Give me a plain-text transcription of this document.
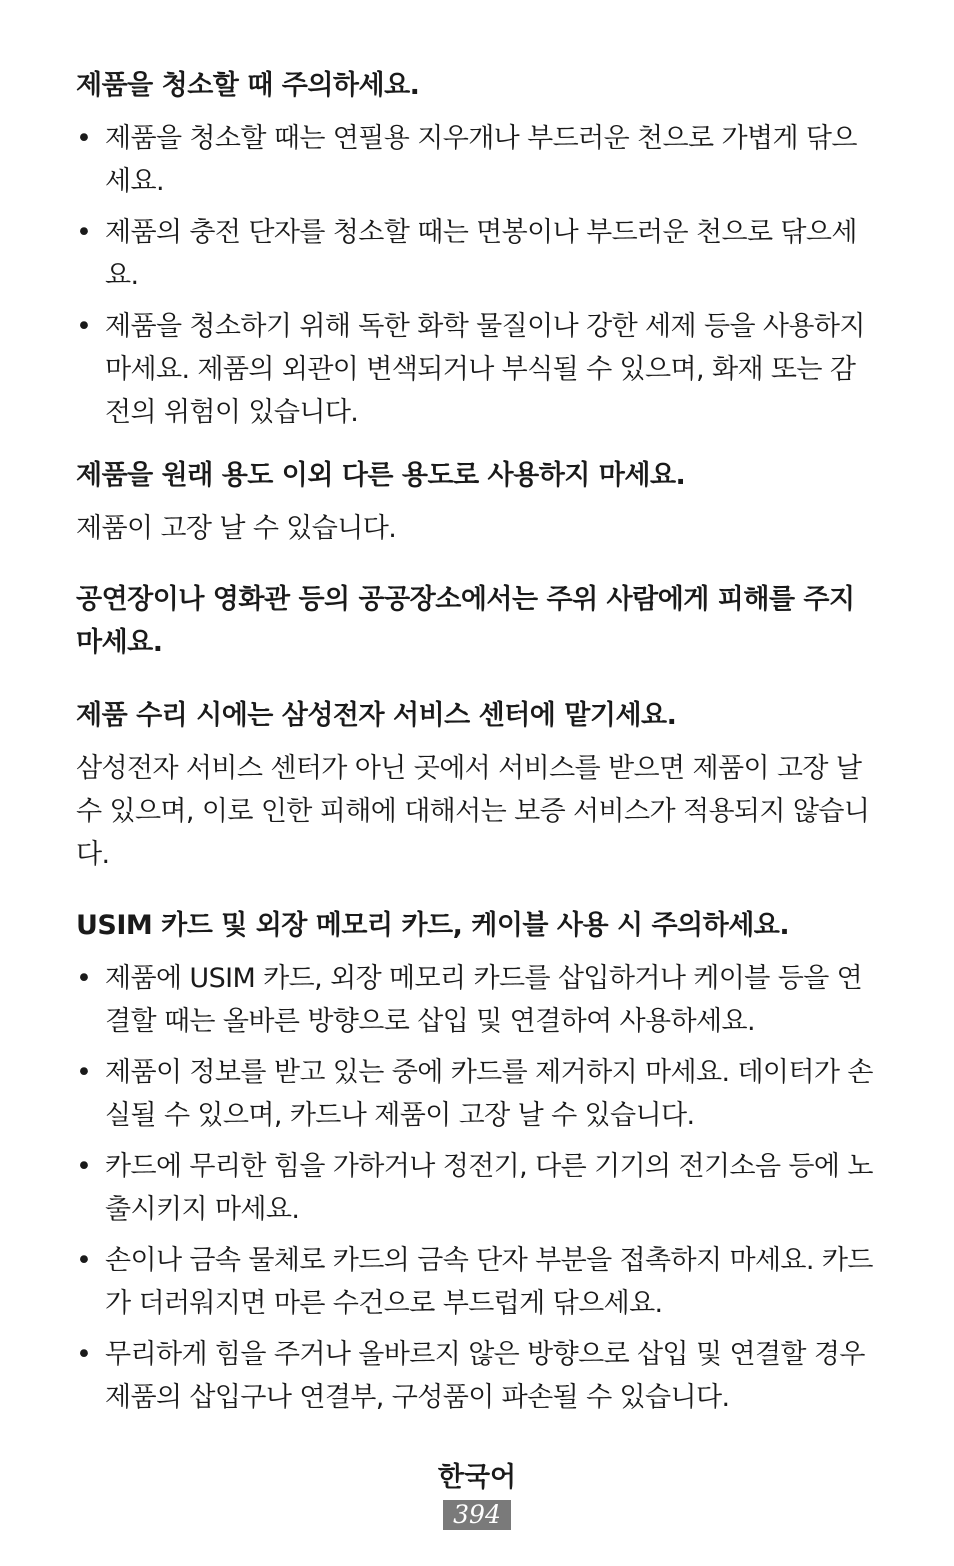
제품을 청소할 때 주의하세요.
• 제품을 청소할 때는 연필용 지우개나 부드러운 천으로 가볍게 닦으세요.
• 제품의 충전 단자를 청소할 때는 면봉이나 부드러운 천으로 닦으세요.
• 제품을 청소하기 위해 독한 화학 물질이나 강한 세제 등을 사용하지 마세요. 제품의 외관이 변색되거나 부식될 수 있으며, 화재 또는 감전의 위험이 있습니다.
제품을 원래 용도 이외 다른 용도로 사용하지 마세요.
제품이 고장 날 수 있습니다.
공연장이나 영화관 등의 공공장소에서는 주위 사람에게 피해를 주지 마세요.
제품 수리 시에는 삼성전자 서비스 센터에 맡기세요.
삼성전자 서비스 센터가 아닌 곳에서 서비스를 받으면 제품이 고장 날 수 있으며, 이로 인한 피해에 대해서는 보증 서비스가 적용되지 않습니다.
USIM 카드 및 외장 메모리 카드, 케이블 사용 시 주의하세요.
• 제품에 USIM 카드, 외장 메모리 카드를 삽입하거나 케이블 등을 연결할 때는 올바른 방향으로 삽입 및 연결하여 사용하세요.
• 제품이 정보를 받고 있는 중에 카드를 제거하지 마세요. 데이터가 손실될 수 있으며, 카드나 제품이 고장 날 수 있습니다.
• 카드에 무리한 힘을 가하거나 정전기, 다른 기기의 전기소음 등에 노출시키지 마세요.
• 손이나 금속 물체로 카드의 금속 단자 부분을 접촉하지 마세요. 카드가 더러워지면 마른 수건으로 부드럽게 닦으세요.
• 무리하게 힘을 주거나 올바르지 않은 방향으로 삽입 및 연결할 경우 제품의 삽입구나 연결부, 구성품이 파손될 수 있습니다.
한국어
394
